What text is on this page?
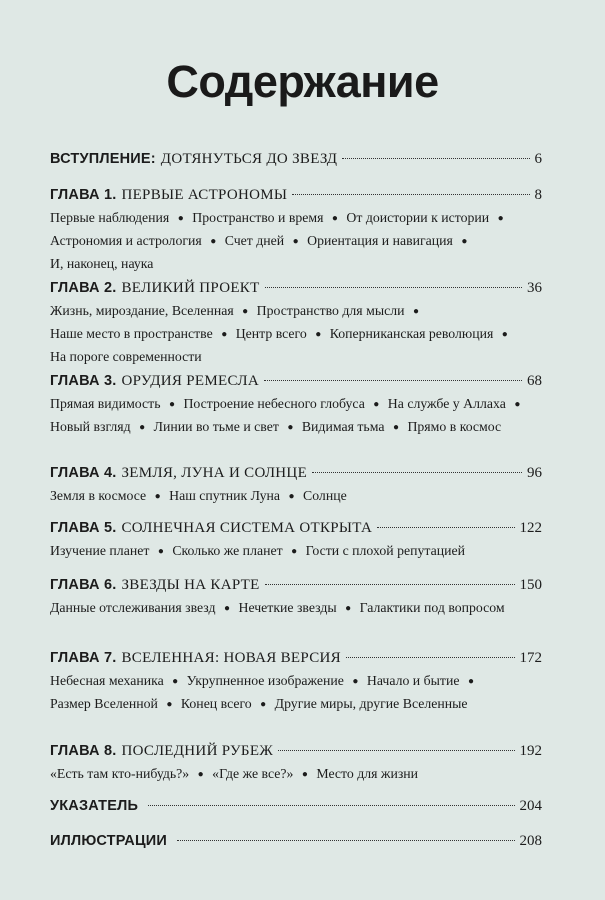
Содержание
ВСТУПЛЕНИЕ: ДОТЯНУТЬСЯ ДО ЗВЕЗД	6
ГЛАВА 1. ПЕРВЫЕ АСТРОНОМЫ	8
Первые наблюдения ● Пространство и время ● От доистории к истории ● Астрономия и астрология ● Счет дней ● Ориентация и навигация ● И, наконец, наука
ГЛАВА 2. ВЕЛИКИЙ ПРОЕКТ	36
Жизнь, мироздание, Вселенная ● Пространство для мысли ● Наше место в пространстве ● Центр всего ● Коперниканская революция ● На пороге современности
ГЛАВА 3. ОРУДИЯ РЕМЕСЛА	68
Прямая видимость ● Построение небесного глобуса ● На службе у Аллаха ● Новый взгляд ● Линии во тьме и свет ● Видимая тьма ● Прямо в космос
ГЛАВА 4. ЗЕМЛЯ, ЛУНА И СОЛНЦЕ	96
Земля в космосе ● Наш спутник Луна ● Солнце
ГЛАВА 5. СОЛНЕЧНАЯ СИСТЕМА ОТКРЫТА	122
Изучение планет ● Сколько же планет ● Гости с плохой репутацией
ГЛАВА 6. ЗВЕЗДЫ НА КАРТЕ	150
Данные отслеживания звезд ● Нечеткие звезды ● Галактики под вопросом
ГЛАВА 7. ВСЕЛЕННАЯ: НОВАЯ ВЕРСИЯ	172
Небесная механика ● Укрупненное изображение ● Начало и бытие ● Размер Вселенной ● Конец всего ● Другие миры, другие Вселенные
ГЛАВА 8. ПОСЛЕДНИЙ РУБЕЖ	192
«Есть там кто-нибудь?» ● «Где же все?» ● Место для жизни
УКАЗАТЕЛЬ	204
ИЛЛЮСТРАЦИИ	208
